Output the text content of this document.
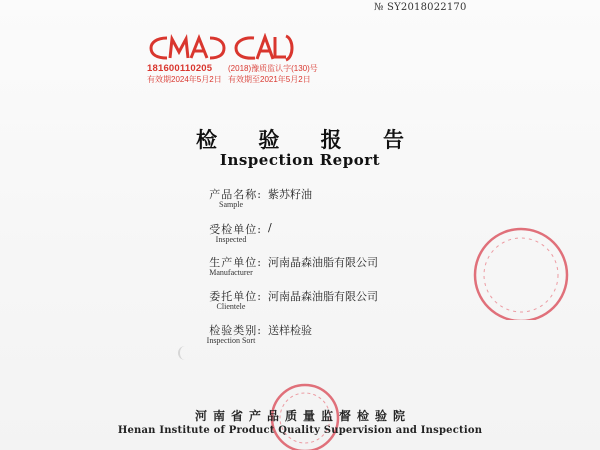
№ SY2018022170
181600110205
有效期2024年5月2日
(2018)豫质监认字(130)号
有效期至2021年5月2日
检 验 报 告
Inspection Report
产品名称:
Sample
紫苏籽油
受检单位:
Inspected
/
生产单位:
Manufacturer
河南晶森油脂有限公司
委托单位:
Clientele
河南晶森油脂有限公司
检验类别:
Inspection Sort
送样检验
河南省产品质量监督检验院
Henan Institute of Product Quality Supervision and Inspection
